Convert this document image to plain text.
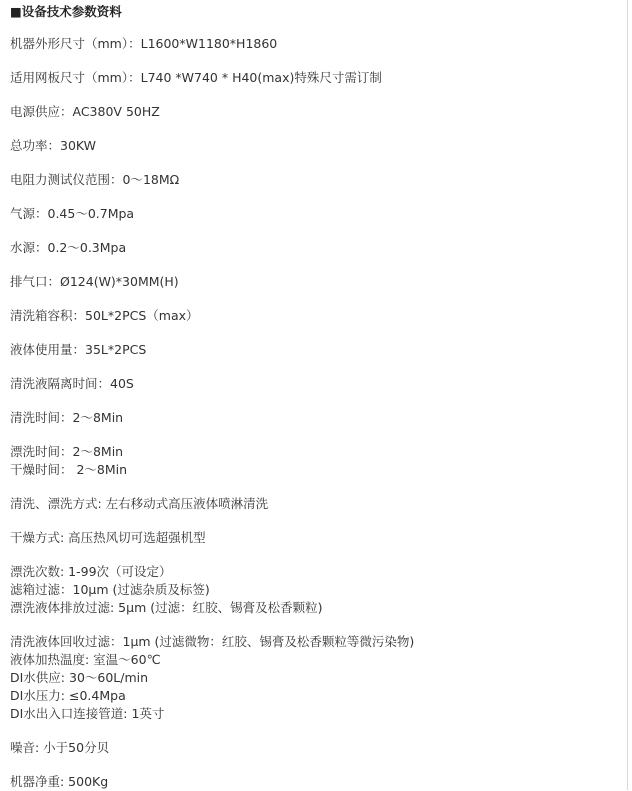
■设备技术参数资料
机器外形尺寸（mm）：L1600*W1180*H1860
适用网板尺寸（mm）：L740 *W740 * H40(max)特殊尺寸需订制
电源供应：AC380V 50HZ
总功率：30KW
电阻力测试仪范围：0～18MΩ
气源：0.45～0.7Mpa
水源：0.2～0.3Mpa
排气口：Ø124(W)*30MM(H)
清洗箱容积：50L*2PCS（max）
液体使用量：35L*2PCS
清洗液隔离时间：40S
清洗时间：2～8Min
漂洗时间：2～8Min
干燥时间： 2～8Min
清洗、漂洗方式: 左右移动式高压液体喷淋清洗
干燥方式: 高压热风切可选超强机型
漂洗次数: 1-99次（可设定）
滤箱过滤：10μm (过滤杂质及标签)
漂洗液体排放过滤: 5μm (过滤：红胶、锡膏及松香颗粒)
清洗液体回收过滤：1μm (过滤微物：红胶、锡膏及松香颗粒等微污染物)
液体加热温度: 室温～60℃
DI水供应: 30～60L/min
DI水压力: ≤0.4Mpa
DI水出入口连接管道: 1英寸
噪音: 小于50分贝
机器净重: 500Kg
